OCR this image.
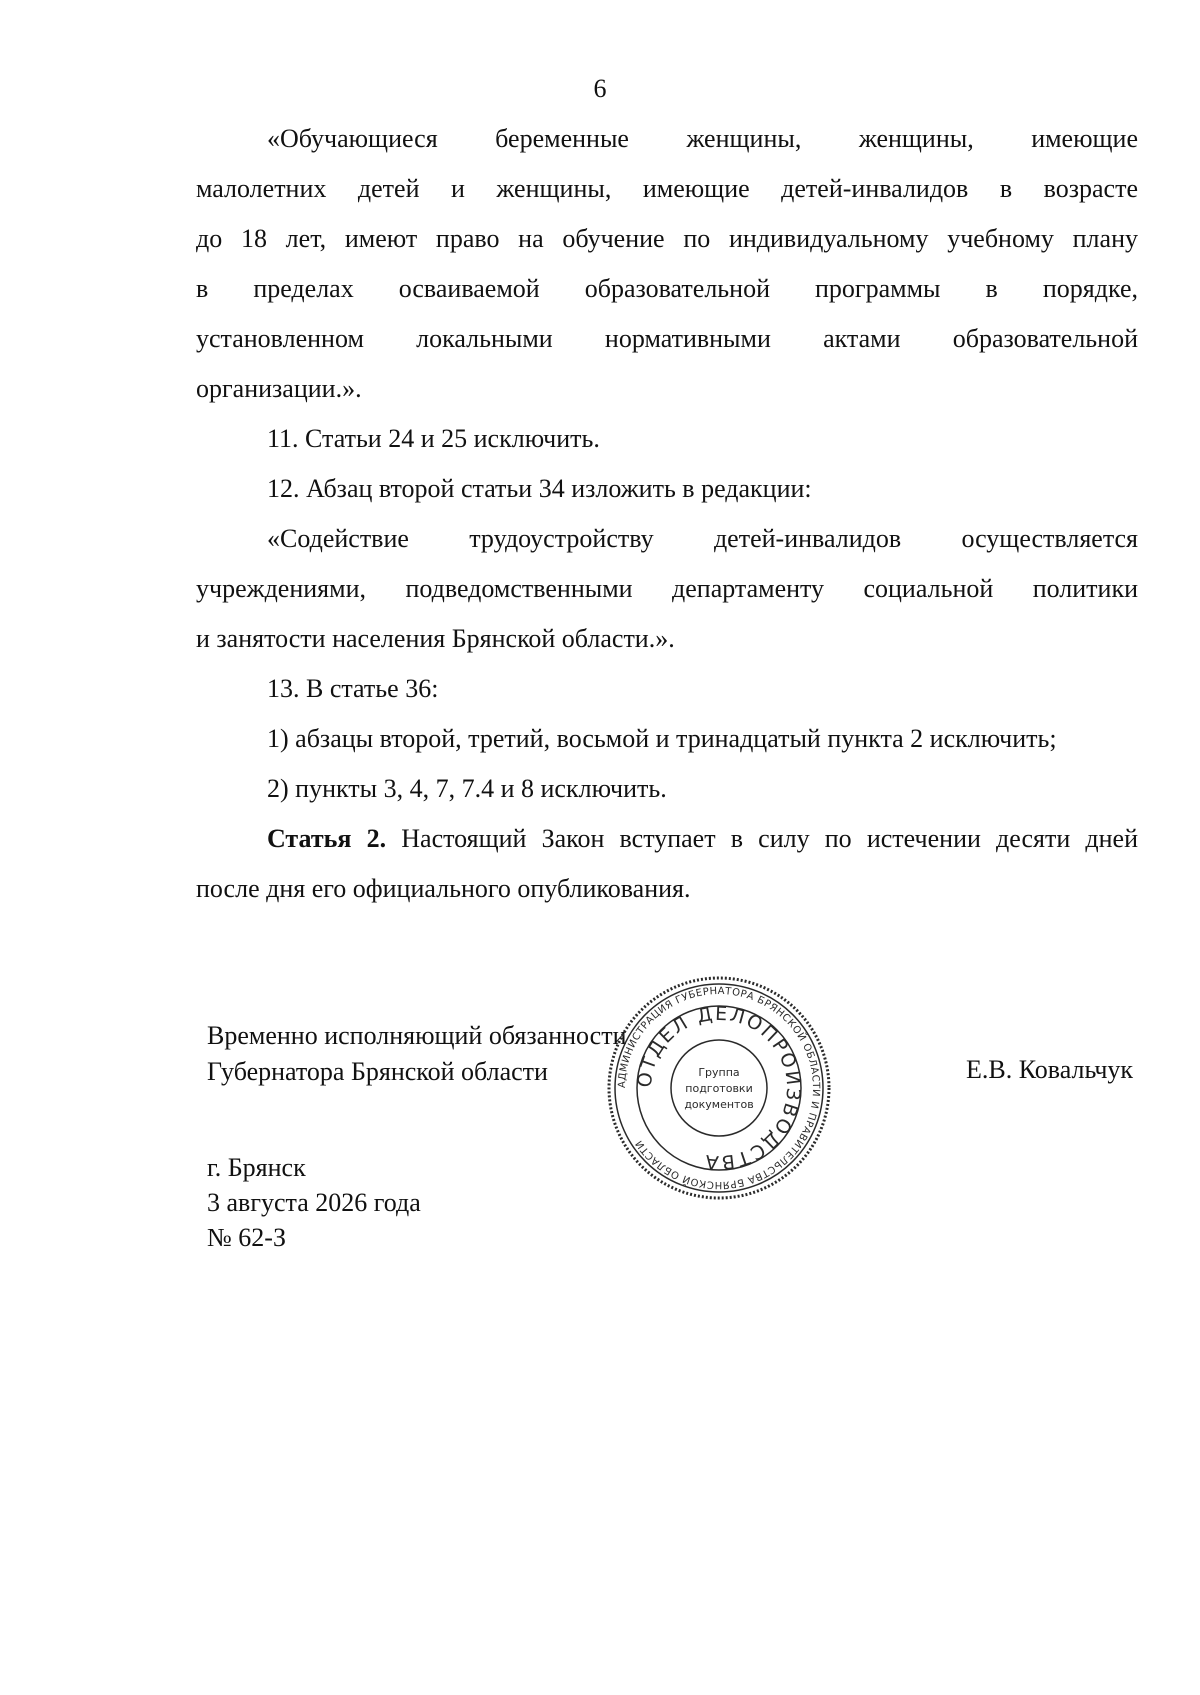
6
«Обучающиеся беременные женщины, женщины, имеющие
малолетних детей и женщины, имеющие детей-инвалидов в возрасте
до 18 лет, имеют право на обучение по индивидуальному учебному плану
в пределах осваиваемой образовательной программы в порядке,
установленном локальными нормативными актами образовательной
организации.».
11. Статьи 24 и 25 исключить.
12. Абзац второй статьи 34 изложить в редакции:
«Содействие трудоустройству детей-инвалидов осуществляется
учреждениями, подведомственными департаменту социальной политики
и занятости населения Брянской области.».
13. В статье 36:
1) абзацы второй, третий, восьмой и тринадцатый пункта 2 исключить;
2) пункты 3, 4, 7, 7.4 и 8 исключить.
Статья 2. Настоящий Закон вступает в силу по истечении десяти дней
после дня его официального опубликования.
Временно исполняющий обязанности
Губернатора Брянской области	Е.В. Ковальчук
АДМИНИСТРАЦИЯ ГУБЕРНАТОРА БРЯНСКОЙ ОБЛАСТИ И ПРАВИТЕЛЬСТВА БРЯНСКОЙ ОБЛАСТИ
ОТДЕЛ ДЕЛОПРОИЗВОДСТВА
Группа
подготовки
документов
г. Брянск
3 августа 2026 года
№ 62-З
